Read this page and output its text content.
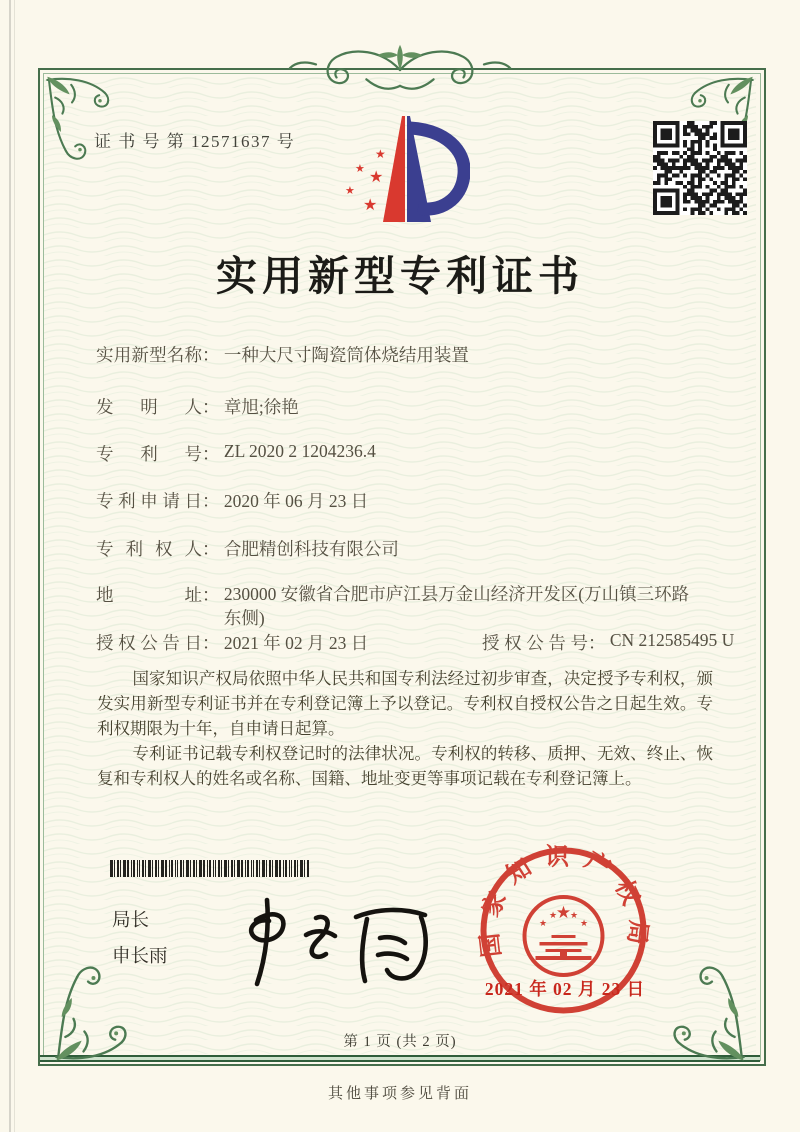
证 书 号 第 12571637 号
★
★ ★
★
★
实用新型专利证书
实用新型名称： 一种大尺寸陶瓷筒体烧结用装置
发明人： 章旭;徐艳
专利号： ZL 2020 2 1204236.4
专利申请日： 2020 年 06 月 23 日
专利权人： 合肥精创科技有限公司
地址： 230000 安徽省合肥市庐江县万金山经济开发区(万山镇三环路东侧)
授权公告日： 2021 年 02 月 23 日	授权公告号： CN 212585495 U

国家知识产权局依照中华人民共和国专利法经过初步审查，决定授予专利权，颁发实用新型专利证书并在专利登记簿上予以登记。专利权自授权公告之日起生效。专利权期限为十年，自申请日起算。

专利证书记载专利权登记时的法律状况。专利权的转移、质押、无效、终止、恢复和专利权人的姓名或名称、国籍、地址变更等事项记载在专利登记簿上。

局长
申长雨	国家知识产权局
★
★
★ ★
★
2021 年 02 月 23 日
第 1 页 (共 2 页)
其他事项参见背面
